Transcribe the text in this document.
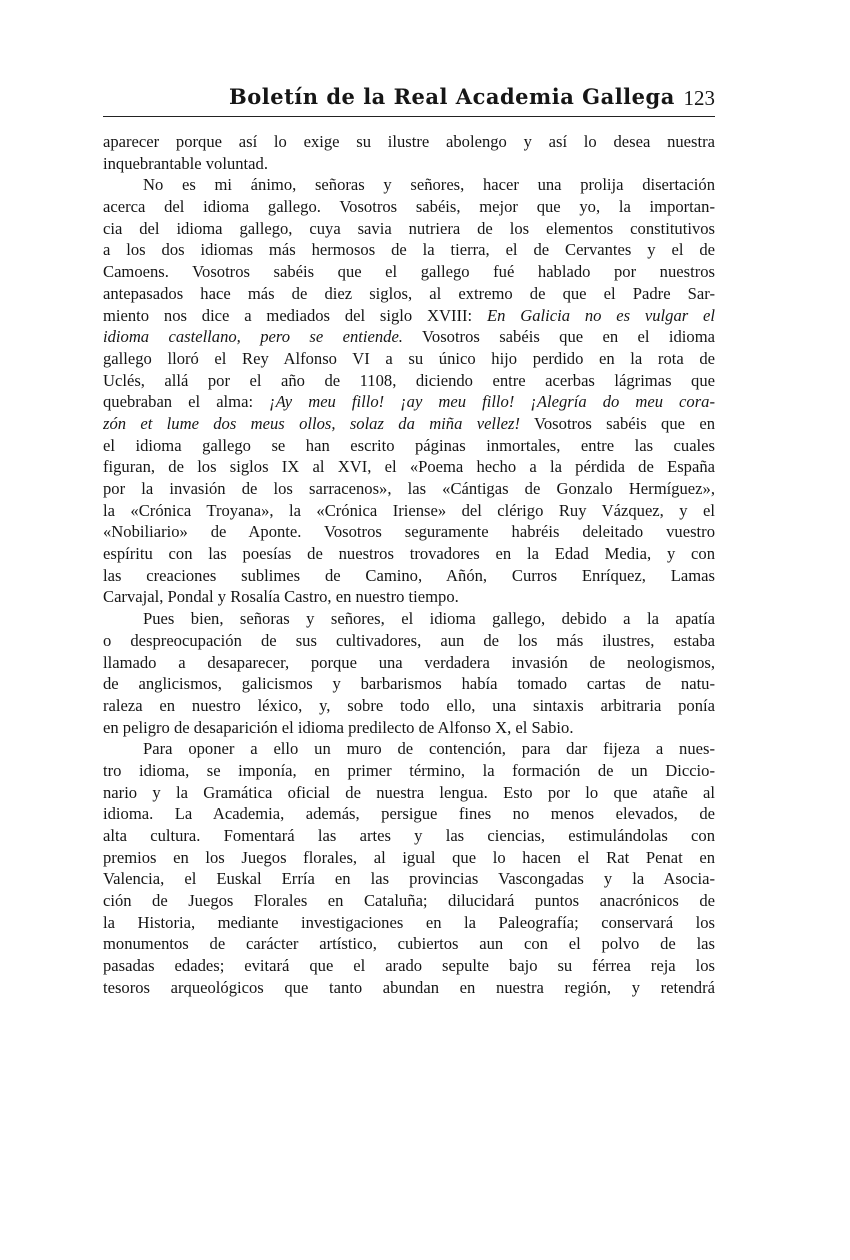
Boletín de la Real Academia Gallega 123
aparecer porque así lo exige su ilustre abolengo y así lo desea nuestra
inquebrantable voluntad.
No es mi ánimo, señoras y señores, hacer una prolija disertación
acerca del idioma gallego. Vosotros sabéis, mejor que yo, la importan-
cia del idioma gallego, cuya savia nutriera de los elementos constitutivos
a los dos idiomas más hermosos de la tierra, el de Cervantes y el de
Camoens. Vosotros sabéis que el gallego fué hablado por nuestros
antepasados hace más de diez siglos, al extremo de que el Padre Sar-
miento nos dice a mediados del siglo XVIII: En Galicia no es vulgar el
idioma castellano, pero se entiende. Vosotros sabéis que en el idioma
gallego lloró el Rey Alfonso VI a su único hijo perdido en la rota de
Uclés, allá por el año de 1108, diciendo entre acerbas lágrimas que
quebraban el alma: ¡Ay meu fillo! ¡ay meu fillo! ¡Alegría do meu cora-
zón et lume dos meus ollos, solaz da miña vellez! Vosotros sabéis que en
el idioma gallego se han escrito páginas inmortales, entre las cuales
figuran, de los siglos IX al XVI, el «Poema hecho a la pérdida de España
por la invasión de los sarracenos», las «Cántigas de Gonzalo Hermíguez»,
la «Crónica Troyana», la «Crónica Iriense» del clérigo Ruy Vázquez, y el
«Nobiliario» de Aponte. Vosotros seguramente habréis deleitado vuestro
espíritu con las poesías de nuestros trovadores en la Edad Media, y con
las creaciones sublimes de Camino, Añón, Curros Enríquez, Lamas
Carvajal, Pondal y Rosalía Castro, en nuestro tiempo.
Pues bien, señoras y señores, el idioma gallego, debido a la apatía
o despreocupación de sus cultivadores, aun de los más ilustres, estaba
llamado a desaparecer, porque una verdadera invasión de neologismos,
de anglicismos, galicismos y barbarismos había tomado cartas de natu-
raleza en nuestro léxico, y, sobre todo ello, una sintaxis arbitraria ponía
en peligro de desaparición el idioma predilecto de Alfonso X, el Sabio.
Para oponer a ello un muro de contención, para dar fijeza a nues-
tro idioma, se imponía, en primer término, la formación de un Diccio-
nario y la Gramática oficial de nuestra lengua. Esto por lo que atañe al
idioma. La Academia, además, persigue fines no menos elevados, de
alta cultura. Fomentará las artes y las ciencias, estimulándolas con
premios en los Juegos florales, al igual que lo hacen el Rat Penat en
Valencia, el Euskal Erría en las provincias Vascongadas y la Asocia-
ción de Juegos Florales en Cataluña; dilucidará puntos anacrónicos de
la Historia, mediante investigaciones en la Paleografía; conservará los
monumentos de carácter artístico, cubiertos aun con el polvo de las
pasadas edades; evitará que el arado sepulte bajo su férrea reja los
tesoros arqueológicos que tanto abundan en nuestra región, y retendrá
